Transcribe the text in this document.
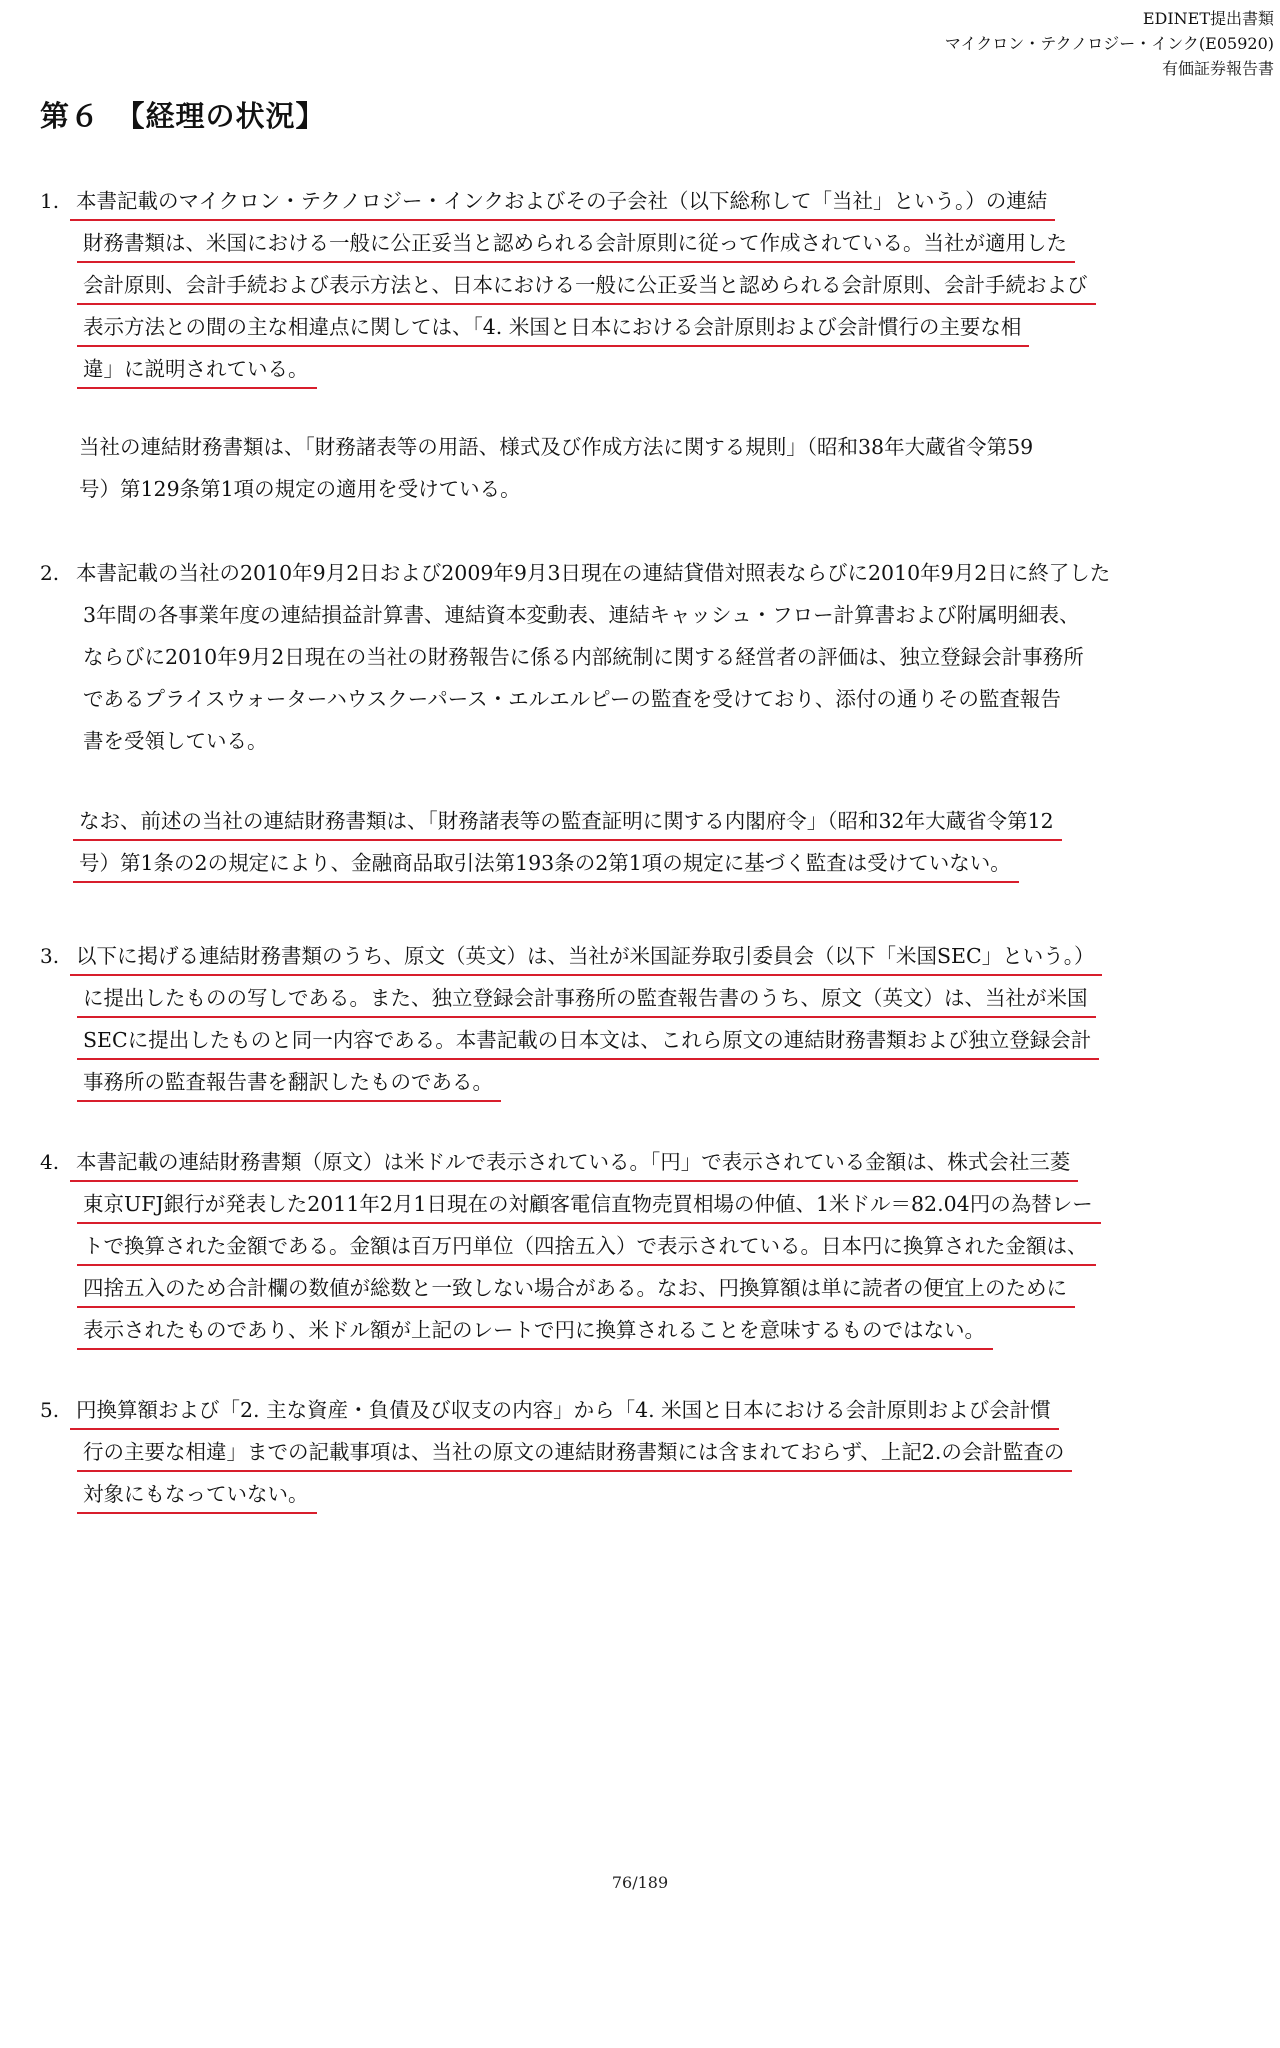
EDINET提出書類
マイクロン・テクノロジー・インク(E05920)
有価証券報告書
第６　【経理の状況】
1. 本書記載のマイクロン・テクノロジー・インクおよびその子会社（以下総称して「当社」という。）の連結
財務書類は、米国における一般に公正妥当と認められる会計原則に従って作成されている。当社が適用した
会計原則、会計手続および表示方法と、日本における一般に公正妥当と認められる会計原則、会計手続および
表示方法との間の主な相違点に関しては、「4. 米国と日本における会計原則および会計慣行の主要な相
違」に説明されている。
当社の連結財務書類は、「財務諸表等の用語、様式及び作成方法に関する規則」（昭和38年大蔵省令第59
号）第129条第1項の規定の適用を受けている。
2. 本書記載の当社の2010年9月2日および2009年9月3日現在の連結貸借対照表ならびに2010年9月2日に終了した
3年間の各事業年度の連結損益計算書、連結資本変動表、連結キャッシュ・フロー計算書および附属明細表、
ならびに2010年9月2日現在の当社の財務報告に係る内部統制に関する経営者の評価は、独立登録会計事務所
であるプライスウォーターハウスクーパース・エルエルピーの監査を受けており、添付の通りその監査報告
書を受領している。
なお、前述の当社の連結財務書類は、「財務諸表等の監査証明に関する内閣府令」（昭和32年大蔵省令第12
号）第1条の2の規定により、金融商品取引法第193条の2第1項の規定に基づく監査は受けていない。
3. 以下に掲げる連結財務書類のうち、原文（英文）は、当社が米国証券取引委員会（以下「米国SEC」という。）
に提出したものの写しである。また、独立登録会計事務所の監査報告書のうち、原文（英文）は、当社が米国
SECに提出したものと同一内容である。本書記載の日本文は、これら原文の連結財務書類および独立登録会計
事務所の監査報告書を翻訳したものである。
4. 本書記載の連結財務書類（原文）は米ドルで表示されている。「円」で表示されている金額は、株式会社三菱
東京UFJ銀行が発表した2011年2月1日現在の対顧客電信直物売買相場の仲値、1米ドル＝82.04円の為替レー
トで換算された金額である。金額は百万円単位（四捨五入）で表示されている。日本円に換算された金額は、
四捨五入のため合計欄の数値が総数と一致しない場合がある。なお、円換算額は単に読者の便宜上のために
表示されたものであり、米ドル額が上記のレートで円に換算されることを意味するものではない。
5. 円換算額および「2. 主な資産・負債及び収支の内容」から「4. 米国と日本における会計原則および会計慣
行の主要な相違」までの記載事項は、当社の原文の連結財務書類には含まれておらず、上記2.の会計監査の
対象にもなっていない。
76/189
